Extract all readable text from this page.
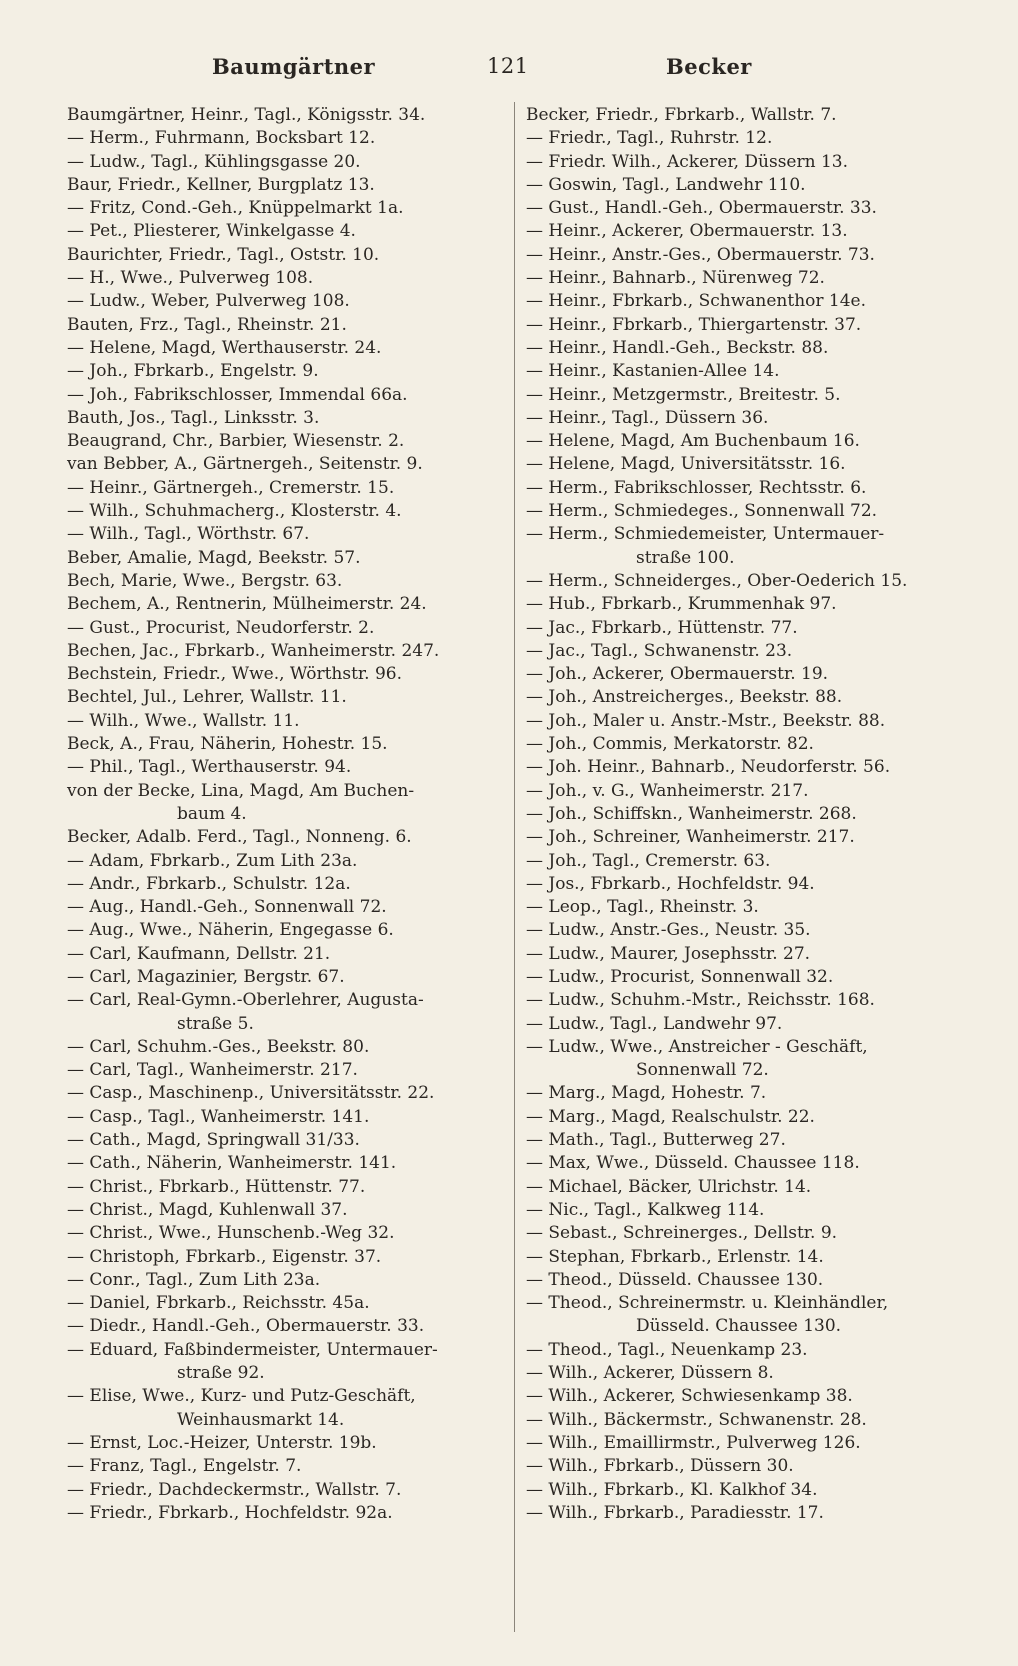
Baumgärtner	121	Becker
Baumgärtner, Heinr., Tagl., Königsstr. 34.
— Herm., Fuhrmann, Bocksbart 12.
— Ludw., Tagl., Kühlingsgasse 20.
Baur, Friedr., Kellner, Burgplatz 13.
— Fritz, Cond.-Geh., Knüppelmarkt 1a.
— Pet., Pliesterer, Winkelgasse 4.
Baurichter, Friedr., Tagl., Oststr. 10.
— H., Wwe., Pulverweg 108.
— Ludw., Weber, Pulverweg 108.
Bauten, Frz., Tagl., Rheinstr. 21.
— Helene, Magd, Werthauserstr. 24.
— Joh., Fbrkarb., Engelstr. 9.
— Joh., Fabrikschlosser, Immendal 66a.
Bauth, Jos., Tagl., Linksstr. 3.
Beaugrand, Chr., Barbier, Wiesenstr. 2.
van Bebber, A., Gärtnergeh., Seitenstr. 9.
— Heinr., Gärtnergeh., Cremerstr. 15.
— Wilh., Schuhmacherg., Klosterstr. 4.
— Wilh., Tagl., Wörthstr. 67.
Beber, Amalie, Magd, Beekstr. 57.
Bech, Marie, Wwe., Bergstr. 63.
Bechem, A., Rentnerin, Mülheimerstr. 24.
— Gust., Procurist, Neudorferstr. 2.
Bechen, Jac., Fbrkarb., Wanheimerstr. 247.
Bechstein, Friedr., Wwe., Wörthstr. 96.
Bechtel, Jul., Lehrer, Wallstr. 11.
— Wilh., Wwe., Wallstr. 11.
Beck, A., Frau, Näherin, Hohestr. 15.
— Phil., Tagl., Werthauserstr. 94.
von der Becke, Lina, Magd, Am Buchen-
baum 4.
Becker, Adalb. Ferd., Tagl., Nonneng. 6.
— Adam, Fbrkarb., Zum Lith 23a.
— Andr., Fbrkarb., Schulstr. 12a.
— Aug., Handl.-Geh., Sonnenwall 72.
— Aug., Wwe., Näherin, Engegasse 6.
— Carl, Kaufmann, Dellstr. 21.
— Carl, Magazinier, Bergstr. 67.
— Carl, Real-Gymn.-Oberlehrer, Augusta-
straße 5.
— Carl, Schuhm.-Ges., Beekstr. 80.
— Carl, Tagl., Wanheimerstr. 217.
— Casp., Maschinenp., Universitätsstr. 22.
— Casp., Tagl., Wanheimerstr. 141.
— Cath., Magd, Springwall 31/33.
— Cath., Näherin, Wanheimerstr. 141.
— Christ., Fbrkarb., Hüttenstr. 77.
— Christ., Magd, Kuhlenwall 37.
— Christ., Wwe., Hunschenb.-Weg 32.
— Christoph, Fbrkarb., Eigenstr. 37.
— Conr., Tagl., Zum Lith 23a.
— Daniel, Fbrkarb., Reichsstr. 45a.
— Diedr., Handl.-Geh., Obermauerstr. 33.
— Eduard, Faßbindermeister, Untermauer-
straße 92.
— Elise, Wwe., Kurz- und Putz-Geschäft,
Weinhausmarkt 14.
— Ernst, Loc.-Heizer, Unterstr. 19b.
— Franz, Tagl., Engelstr. 7.
— Friedr., Dachdeckermstr., Wallstr. 7.
— Friedr., Fbrkarb., Hochfeldstr. 92a.
Becker, Friedr., Fbrkarb., Wallstr. 7.
— Friedr., Tagl., Ruhrstr. 12.
— Friedr. Wilh., Ackerer, Düssern 13.
— Goswin, Tagl., Landwehr 110.
— Gust., Handl.-Geh., Obermauerstr. 33.
— Heinr., Ackerer, Obermauerstr. 13.
— Heinr., Anstr.-Ges., Obermauerstr. 73.
— Heinr., Bahnarb., Nürenweg 72.
— Heinr., Fbrkarb., Schwanenthor 14e.
— Heinr., Fbrkarb., Thiergartenstr. 37.
— Heinr., Handl.-Geh., Beckstr. 88.
— Heinr., Kastanien-Allee 14.
— Heinr., Metzgermstr., Breitestr. 5.
— Heinr., Tagl., Düssern 36.
— Helene, Magd, Am Buchenbaum 16.
— Helene, Magd, Universitätsstr. 16.
— Herm., Fabrikschlosser, Rechtsstr. 6.
— Herm., Schmiedeges., Sonnenwall 72.
— Herm., Schmiedemeister, Untermauer-
straße 100.
— Herm., Schneiderges., Ober-Oederich 15.
— Hub., Fbrkarb., Krummenhak 97.
— Jac., Fbrkarb., Hüttenstr. 77.
— Jac., Tagl., Schwanenstr. 23.
— Joh., Ackerer, Obermauerstr. 19.
— Joh., Anstreicherges., Beekstr. 88.
— Joh., Maler u. Anstr.-Mstr., Beekstr. 88.
— Joh., Commis, Merkatorstr. 82.
— Joh. Heinr., Bahnarb., Neudorferstr. 56.
— Joh., v. G., Wanheimerstr. 217.
— Joh., Schiffskn., Wanheimerstr. 268.
— Joh., Schreiner, Wanheimerstr. 217.
— Joh., Tagl., Cremerstr. 63.
— Jos., Fbrkarb., Hochfeldstr. 94.
— Leop., Tagl., Rheinstr. 3.
— Ludw., Anstr.-Ges., Neustr. 35.
— Ludw., Maurer, Josephsstr. 27.
— Ludw., Procurist, Sonnenwall 32.
— Ludw., Schuhm.-Mstr., Reichsstr. 168.
— Ludw., Tagl., Landwehr 97.
— Ludw., Wwe., Anstreicher - Geschäft,
Sonnenwall 72.
— Marg., Magd, Hohestr. 7.
— Marg., Magd, Realschulstr. 22.
— Math., Tagl., Butterweg 27.
— Max, Wwe., Düsseld. Chaussee 118.
— Michael, Bäcker, Ulrichstr. 14.
— Nic., Tagl., Kalkweg 114.
— Sebast., Schreinerges., Dellstr. 9.
— Stephan, Fbrkarb., Erlenstr. 14.
— Theod., Düsseld. Chaussee 130.
— Theod., Schreinermstr. u. Kleinhändler,
Düsseld. Chaussee 130.
— Theod., Tagl., Neuenkamp 23.
— Wilh., Ackerer, Düssern 8.
— Wilh., Ackerer, Schwiesenkamp 38.
— Wilh., Bäckermstr., Schwanenstr. 28.
— Wilh., Emaillirmstr., Pulverweg 126.
— Wilh., Fbrkarb., Düssern 30.
— Wilh., Fbrkarb., Kl. Kalkhof 34.
— Wilh., Fbrkarb., Paradiesstr. 17.
